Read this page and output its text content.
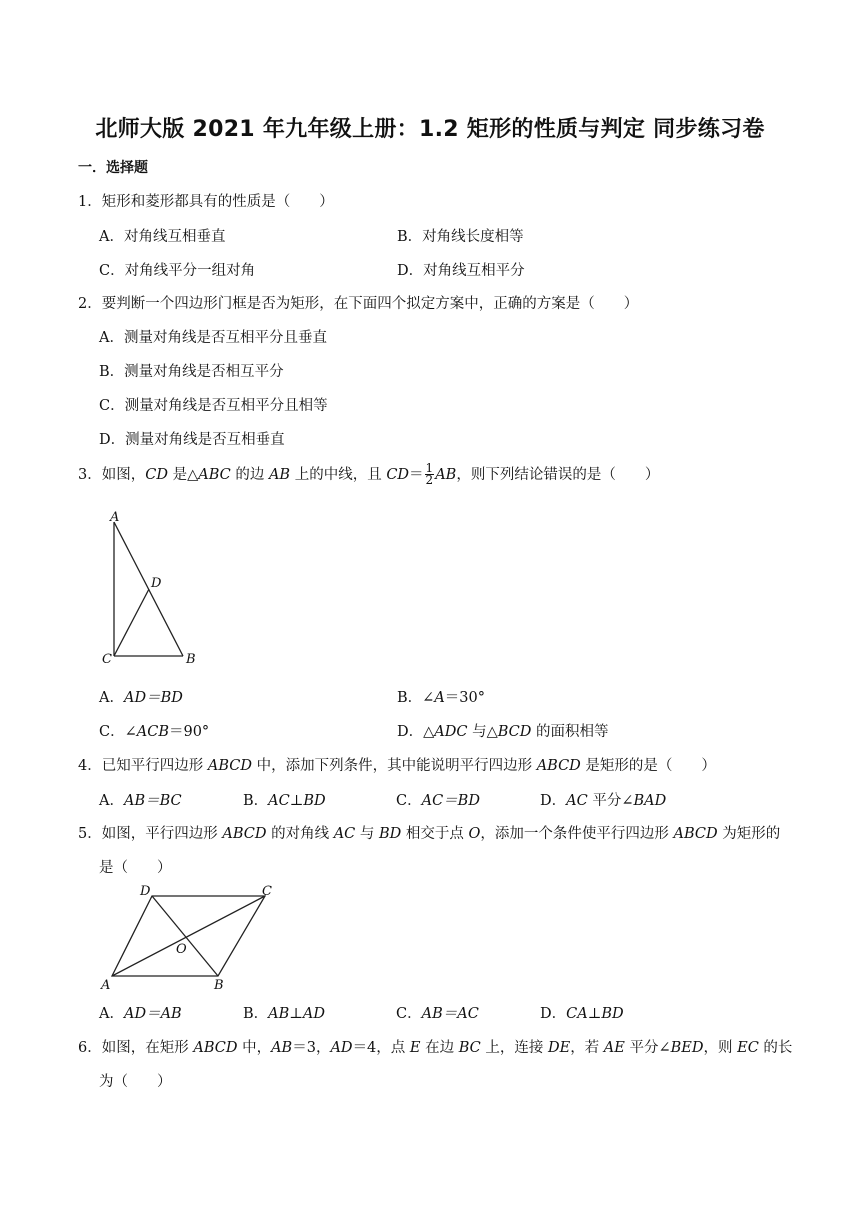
北师大版 2021 年九年级上册：1.2 矩形的性质与判定 同步练习卷
一．选择题
1．矩形和菱形都具有的性质是（　　）
A．对角线互相垂直	B．对角线长度相等
C．对角线平分一组对角	D．对角线互相平分
2．要判断一个四边形门框是否为矩形，在下面四个拟定方案中，正确的方案是（　　）
A．测量对角线是否互相平分且垂直
B．测量对角线是否相互平分
C．测量对角线是否互相平分且相等
D．测量对角线是否互相垂直
3．如图，CD 是△ABC 的边 AB 上的中线，且 $CD= \frac{1}{2}$ AB，则下列结论错误的是（　　）
A
D
C	B
A．AD＝BD	B．∠A＝30°
C．∠ACB＝90°	D．△ADC 与△BCD 的面积相等
4．已知平行四边形 ABCD 中，添加下列条件，其中能说明平行四边形 ABCD 是矩形的是（　　）
A．AB＝BC	B．AC⊥BD	C．AC＝BD	D．AC 平分∠BAD
5．如图，平行四边形 ABCD 的对角线 AC 与 BD 相交于点 O，添加一个条件使平行四边形 ABCD 为矩形的
是（　　）
D	C
O
A	B
A．AD＝AB	B．AB⊥AD	C．AB＝AC	D．CA⊥BD
6．如图，在矩形 ABCD 中，AB＝3，AD＝4，点 E 在边 BC 上，连接 DE，若 AE 平分∠BED，则 EC 的长
为（　　）
